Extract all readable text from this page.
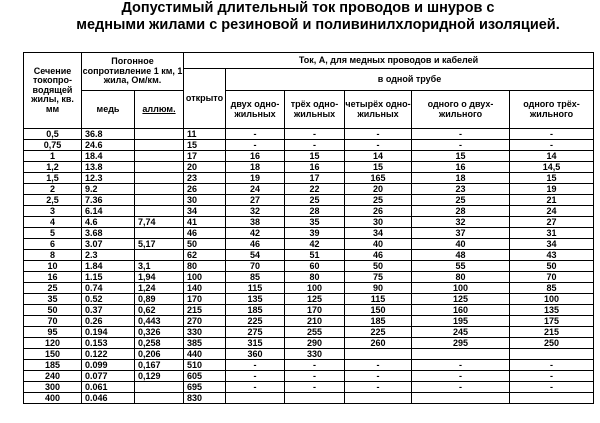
Допустимый длительный ток проводов и шнуров с
медными жилами с резиновой и поливинилхлоридной изоляцией.
Сечение токопро-водящей жилы, кв. мм	Погонное сопротивление 1 км, 1 жила, Ом/км.		Ток, А, для медных проводов и кабелей					
			открыто	в одной трубе				
	медь	аллюм.		двух одно-жильных	трёх одно-жильных	четырёх одно-жильных	одного о двух-жильного	одного трёх-жильного
0,5	36.8		11	-	-	-	-	-
0,75	24.6		15	-	-	-	-	-
1	18.4		17	16	15	14	15	14
1,2	13.8		20	18	16	15	16	14,5
1,5	12.3		23	19	17	165	18	15
2	9.2		26	24	22	20	23	19
2,5	7.36		30	27	25	25	25	21
3	6.14		34	32	28	26	28	24
4	4.6	7,74	41	38	35	30	32	27
5	3.68		46	42	39	34	37	31
6	3.07	5,17	50	46	42	40	40	34
8	2.3		62	54	51	46	48	43
10	1.84	3,1	80	70	60	50	55	50
16	1.15	1,94	100	85	80	75	80	70
25	0.74	1,24	140	115	100	90	100	85
35	0.52	0,89	170	135	125	115	125	100
50	0.37	0,62	215	185	170	150	160	135
70	0.26	0,443	270	225	210	185	195	175
95	0.194	0,326	330	275	255	225	245	215
120	0.153	0,258	385	315	290	260	295	250
150	0.122	0,206	440	360	330			
185	0.099	0,167	510	-	-	-	-	-
240	0.077	0,129	605	-	-	-	-	-
300	0.061		695	-	-	-	-	-
400	0.046		830					
